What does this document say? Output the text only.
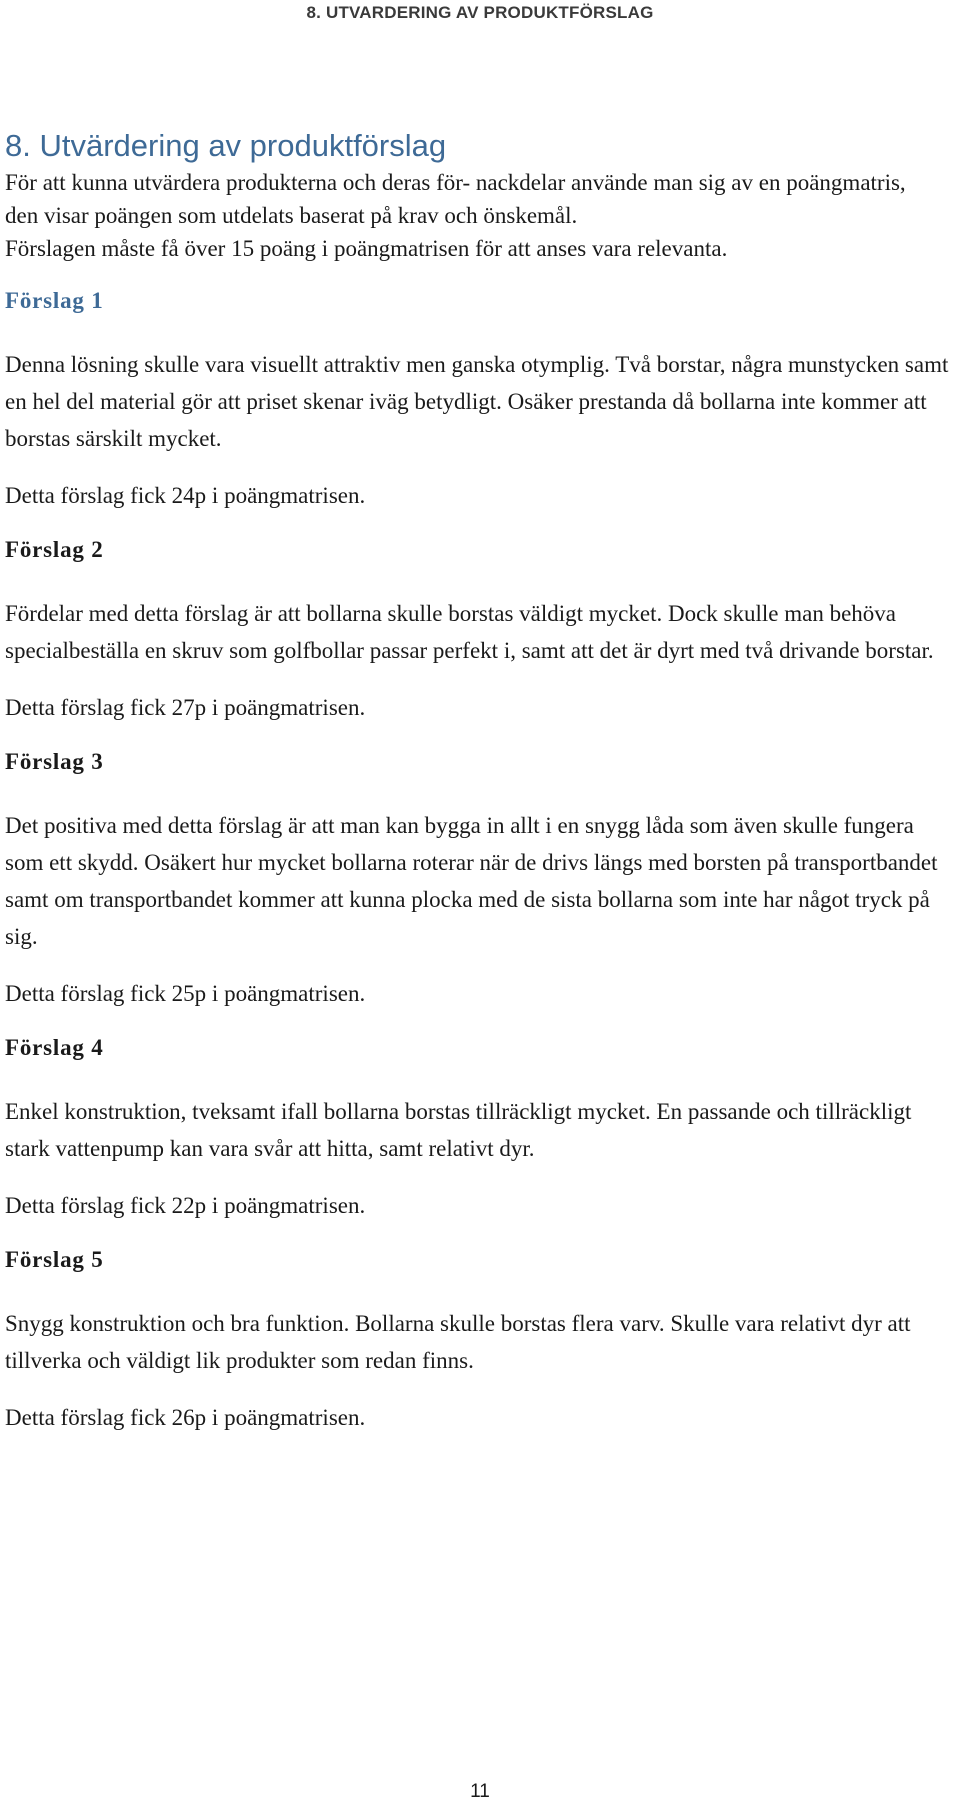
8. UTVARDERING AV PRODUKTFÖRSLAG
8. Utvärdering av produktförslag

För att kunna utvärdera produkterna och deras för- nackdelar använde man sig av en poängmatris,

den visar poängen som utdelats baserat på krav och önskemål.

Förslagen måste få över 15 poäng i poängmatrisen för att anses vara relevanta.

Förslag 1

Denna lösning skulle vara visuellt attraktiv men ganska otymplig. Två borstar, några munstycken samt en hel del material gör att priset skenar iväg betydligt. Osäker prestanda då bollarna inte kommer att borstas särskilt mycket.

Detta förslag fick 24p i poängmatrisen.

Förslag 2

Fördelar med detta förslag är att bollarna skulle borstas väldigt mycket. Dock skulle man behöva specialbeställa en skruv som golfbollar passar perfekt i, samt att det är dyrt med två drivande borstar.

Detta förslag fick 27p i poängmatrisen.

Förslag 3

Det positiva med detta förslag är att man kan bygga in allt i en snygg låda som även skulle fungera som ett skydd. Osäkert hur mycket bollarna roterar när de drivs längs med borsten på transportbandet samt om transportbandet kommer att kunna plocka med de sista bollarna som inte har något tryck på sig.

Detta förslag fick 25p i poängmatrisen.

Förslag 4

Enkel konstruktion, tveksamt ifall bollarna borstas tillräckligt mycket. En passande och tillräckligt stark vattenpump kan vara svår att hitta, samt relativt dyr.

Detta förslag fick 22p i poängmatrisen.

Förslag 5

Snygg konstruktion och bra funktion. Bollarna skulle borstas flera varv. Skulle vara relativt dyr att tillverka och väldigt lik produkter som redan finns.

Detta förslag fick 26p i poängmatrisen.

11
